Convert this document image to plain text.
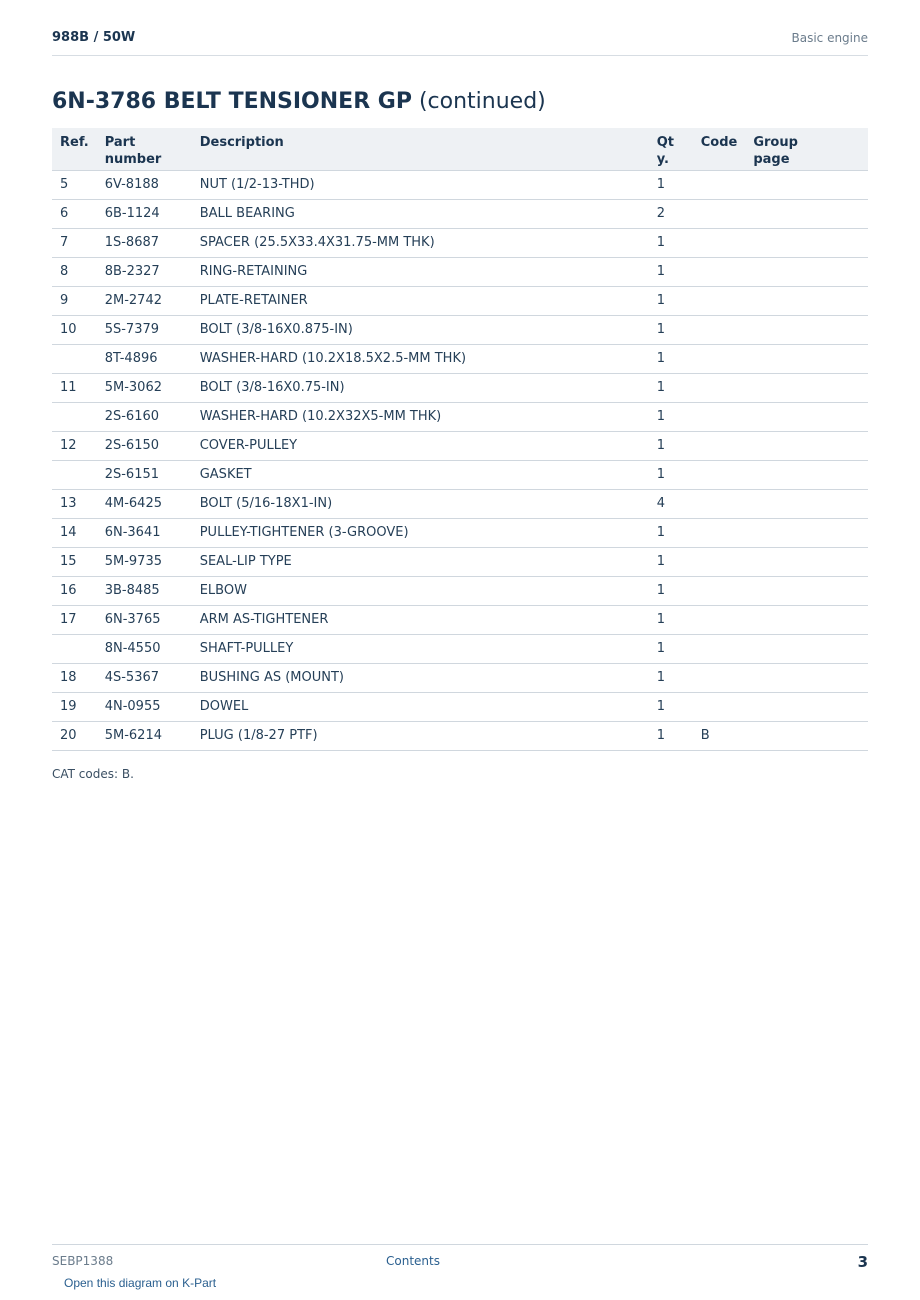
988B / 50W	Basic engine
6N-3786 BELT TENSIONER GP (continued)
Ref.	Part number	Description	Qty.	Code	Group page
5	6V-8188	NUT (1/2-13-THD)	1		
6	6B-1124	BALL BEARING	2		
7	1S-8687	SPACER (25.5X33.4X31.75-MM THK)	1		
8	8B-2327	RING-RETAINING	1		
9	2M-2742	PLATE-RETAINER	1		
10	5S-7379	BOLT (3/8-16X0.875-IN)	1		
	8T-4896	WASHER-HARD (10.2X18.5X2.5-MM THK)	1		
11	5M-3062	BOLT (3/8-16X0.75-IN)	1		
	2S-6160	WASHER-HARD (10.2X32X5-MM THK)	1		
12	2S-6150	COVER-PULLEY	1		
	2S-6151	GASKET	1		
13	4M-6425	BOLT (5/16-18X1-IN)	4		
14	6N-3641	PULLEY-TIGHTENER (3-GROOVE)	1		
15	5M-9735	SEAL-LIP TYPE	1		
16	3B-8485	ELBOW	1		
17	6N-3765	ARM AS-TIGHTENER	1		
	8N-4550	SHAFT-PULLEY	1		
18	4S-5367	BUSHING AS (MOUNT)	1		
19	4N-0955	DOWEL	1		
20	5M-6214	PLUG (1/8-27 PTF)	1	B	
CAT codes: B.
SEBP1388	Contents	3
Open this diagram on K-Part
